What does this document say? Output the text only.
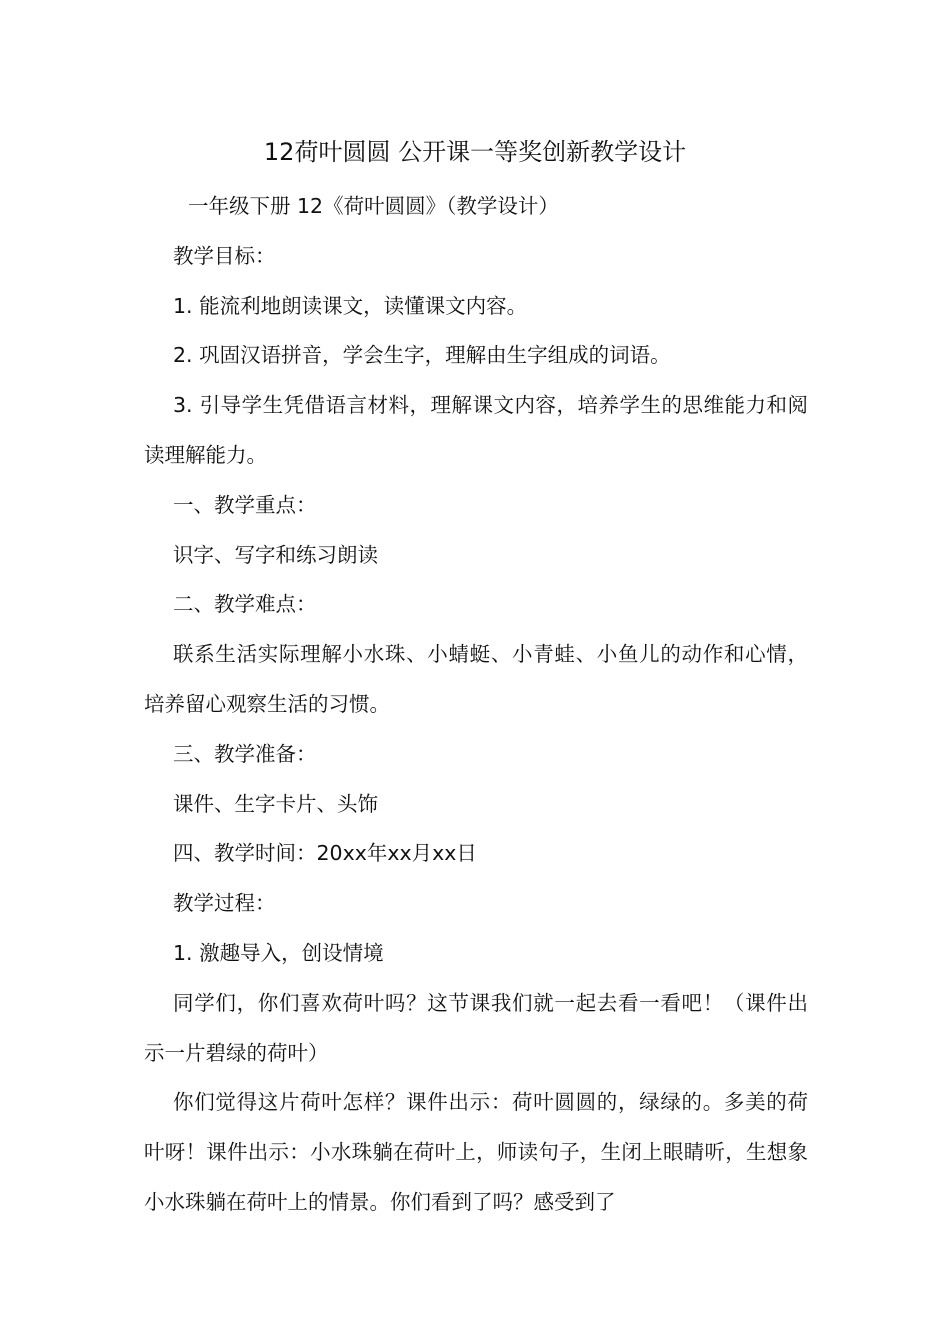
12荷叶圆圆 公开课一等奖创新教学设计

一年级下册 12《荷叶圆圆》（教学设计）

教学目标：

1. 能流利地朗读课文，读懂课文内容。

2. 巩固汉语拼音，学会生字，理解由生字组成的词语。

3. 引导学生凭借语言材料，理解课文内容，培养学生的思维能力和阅读理解能力。

一、教学重点：

识字、写字和练习朗读

二、教学难点：

联系生活实际理解小水珠、小蜻蜓、小青蛙、小鱼儿的动作和心情，培养留心观察生活的习惯。

三、教学准备：

课件、生字卡片、头饰

四、教学时间：20xx年xx月xx日

教学过程：

1. 激趣导入，创设情境

同学们，你们喜欢荷叶吗？这节课我们就一起去看一看吧！（课件出示一片碧绿的荷叶）

你们觉得这片荷叶怎样？课件出示：荷叶圆圆的，绿绿的。多美的荷叶呀！课件出示：小水珠躺在荷叶上，师读句子，生闭上眼睛听，生想象小水珠躺在荷叶上的情景。你们看到了吗？感受到了
